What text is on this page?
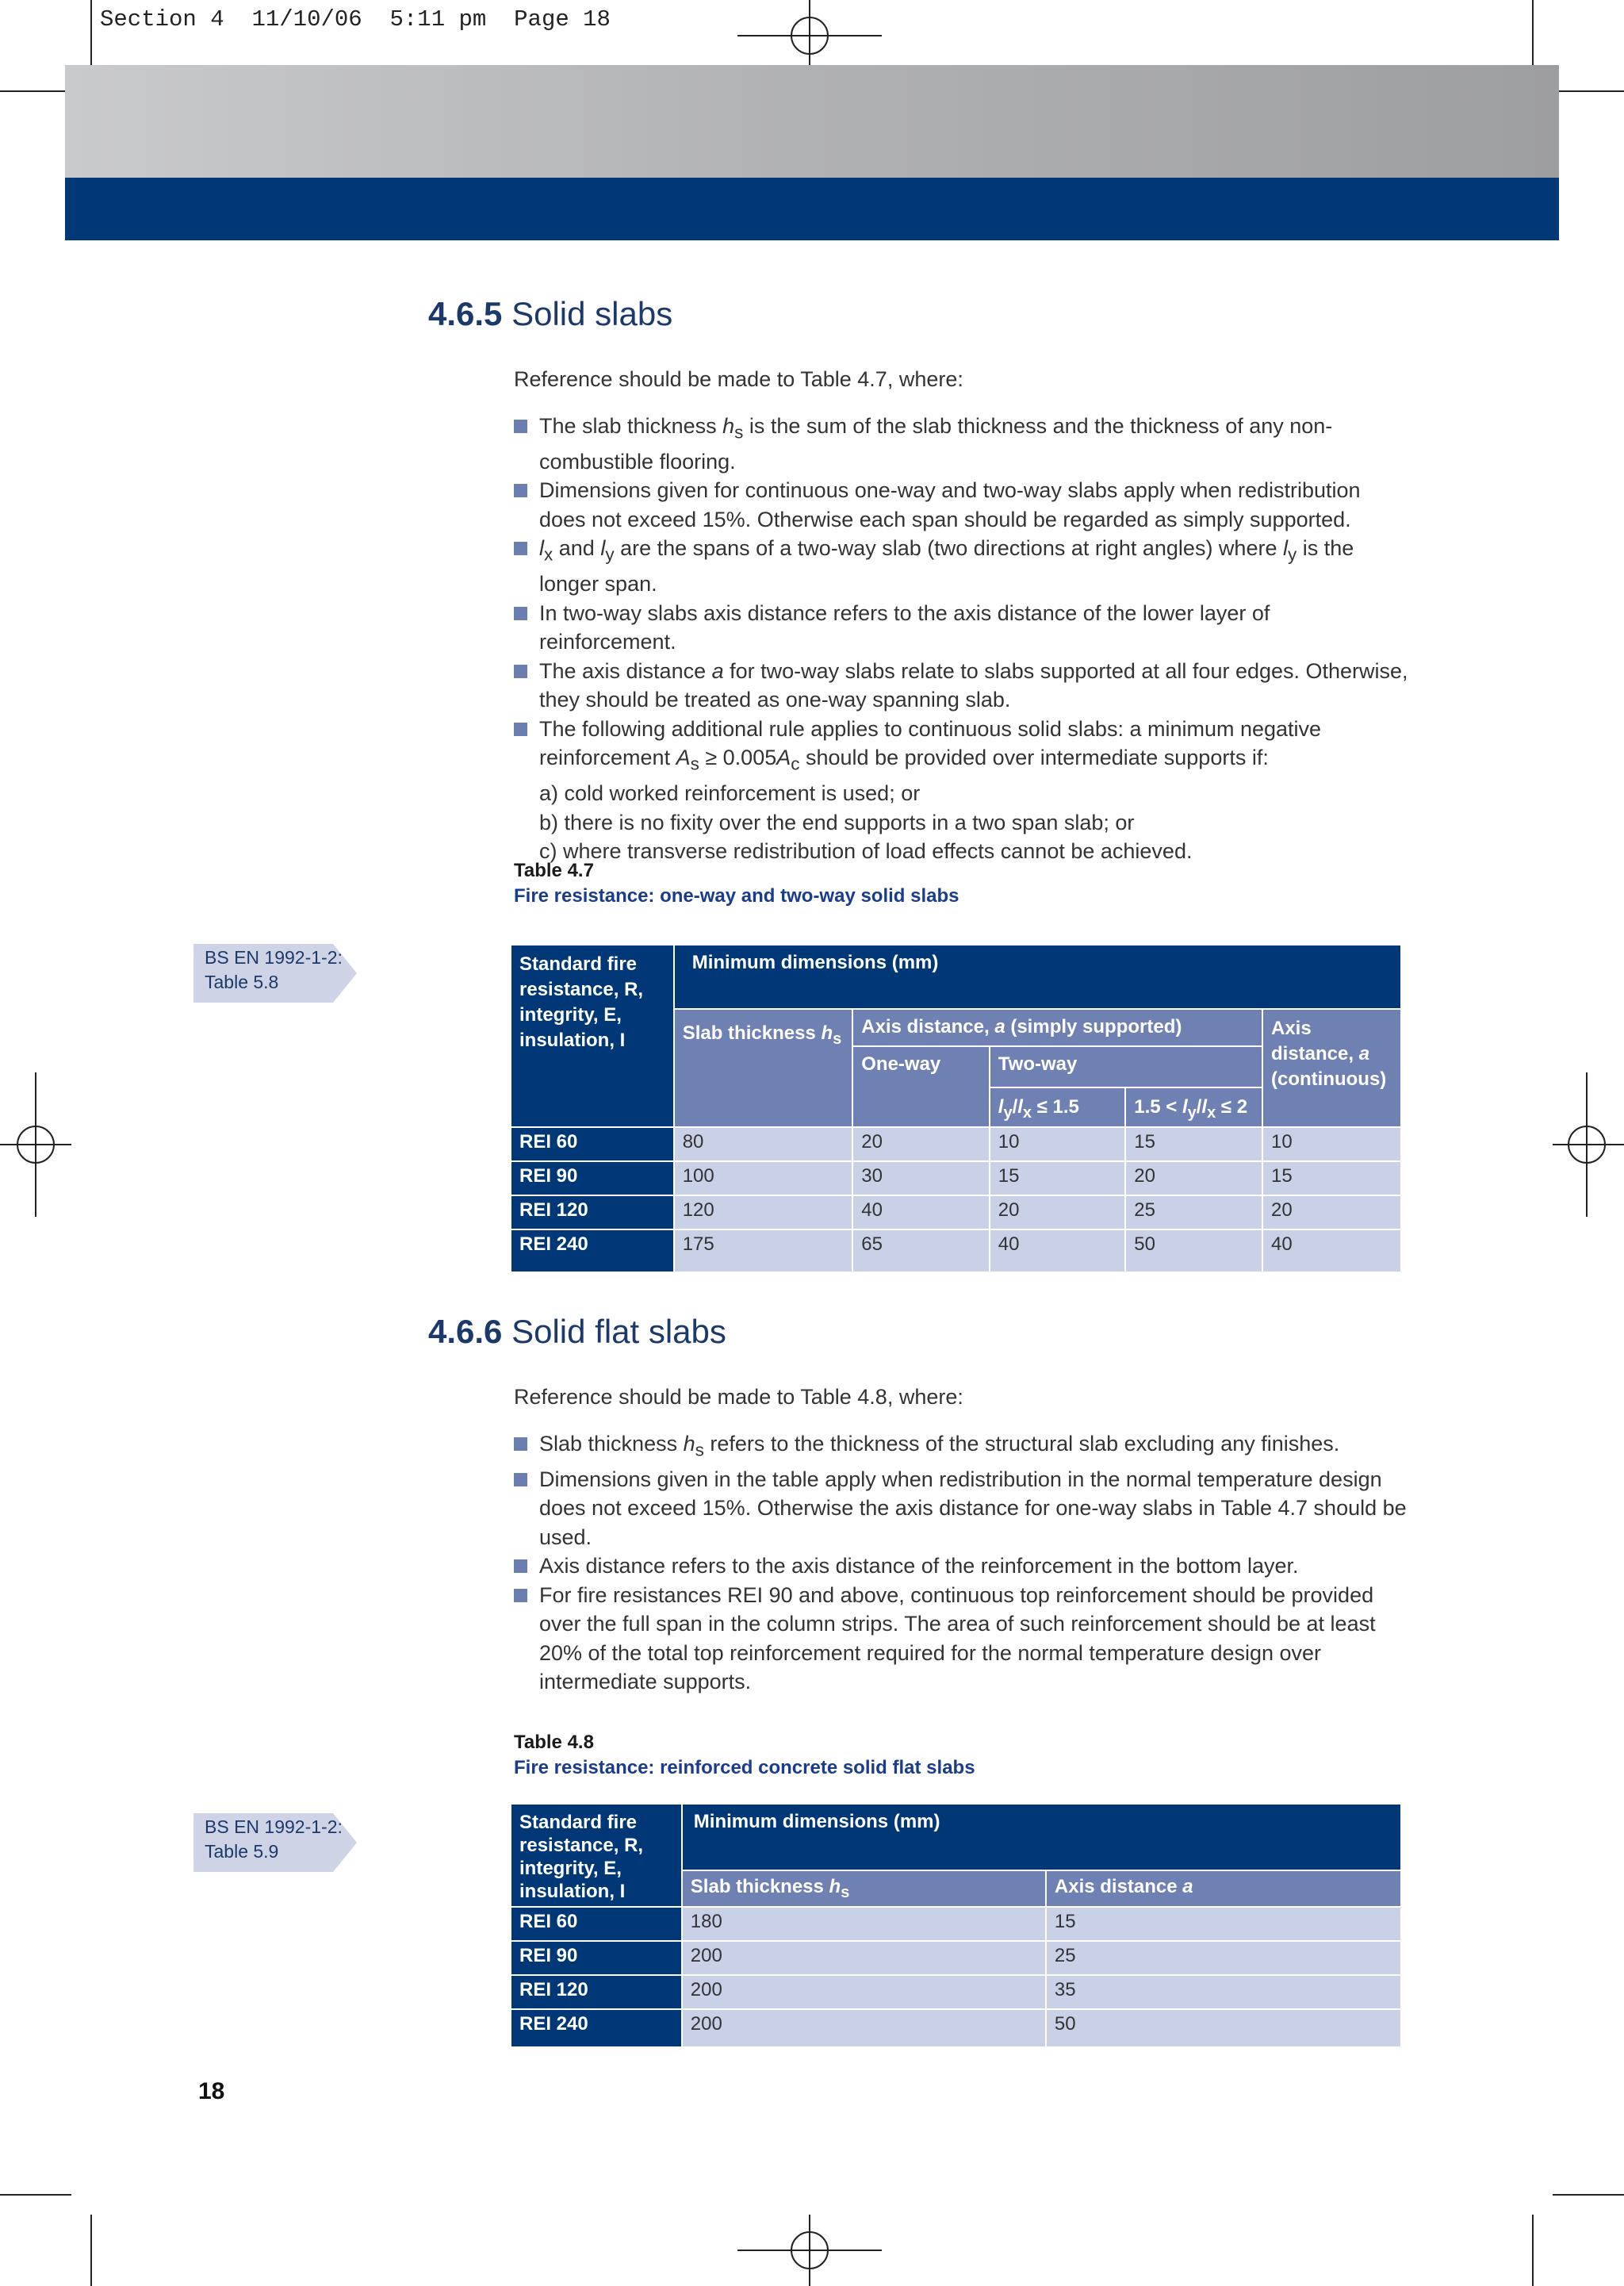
Section 4 11/10/06 5:11 pm Page 18
4.6.5 Solid slabs
Reference should be made to Table 4.7, where:
The slab thickness $h_s$ is the sum of the slab thickness and the thickness of any non-combustible flooring.
Dimensions given for continuous one-way and two-way slabs apply when redistribution does not exceed 15%. Otherwise each span should be regarded as simply supported.
$l_x$ and $l_y$ are the spans of a two-way slab (two directions at right angles) where $l_y$ is the longer span.
In two-way slabs axis distance refers to the axis distance of the lower layer of reinforcement.
The axis distance a for two-way slabs relate to slabs supported at all four edges. Otherwise, they should be treated as one-way spanning slab.
The following additional rule applies to continuous solid slabs: a minimum negative reinforcement $A_s \ge 0.005A_c$ should be provided over intermediate supports if:
a) cold worked reinforcement is used; or
b) there is no fixity over the end supports in a two span slab; or
c) where transverse redistribution of load effects cannot be achieved.
Table 4.7
Fire resistance: one-way and two-way solid slabs
BS EN 1992-1-2:
Table 5.8
Standard fire resistance, R, integrity, E, insulation, I	Minimum dimensions (mm)				
	Slab thickness $h_s$	Axis distance, a (simply supported)			Axis distance, a (continuous)
		One-way	Two-way		
			$l_y/l_x \le 1.5$	$1.5 < l_y/l_x \le 2$	
REI 60	80	20	10	15	10
REI 90	100	30	15	20	15
REI 120	120	40	20	25	20
REI 240	175	65	40	50	40
4.6.6 Solid flat slabs
Reference should be made to Table 4.8, where:
Slab thickness $h_s$ refers to the thickness of the structural slab excluding any finishes.
Dimensions given in the table apply when redistribution in the normal temperature design does not exceed 15%. Otherwise the axis distance for one-way slabs in Table 4.7 should be used.
Axis distance refers to the axis distance of the reinforcement in the bottom layer.
For fire resistances REI 90 and above, continuous top reinforcement should be provided over the full span in the column strips. The area of such reinforcement should be at least 20% of the total top reinforcement required for the normal temperature design over intermediate supports.
Table 4.8
Fire resistance: reinforced concrete solid flat slabs
BS EN 1992-1-2:
Table 5.9
Standard fire resistance, R, integrity, E, insulation, I	Minimum dimensions (mm)	
	Slab thickness $h_s$	Axis distance a
REI 60	180	15
REI 90	200	25
REI 120	200	35
REI 240	200	50
18
